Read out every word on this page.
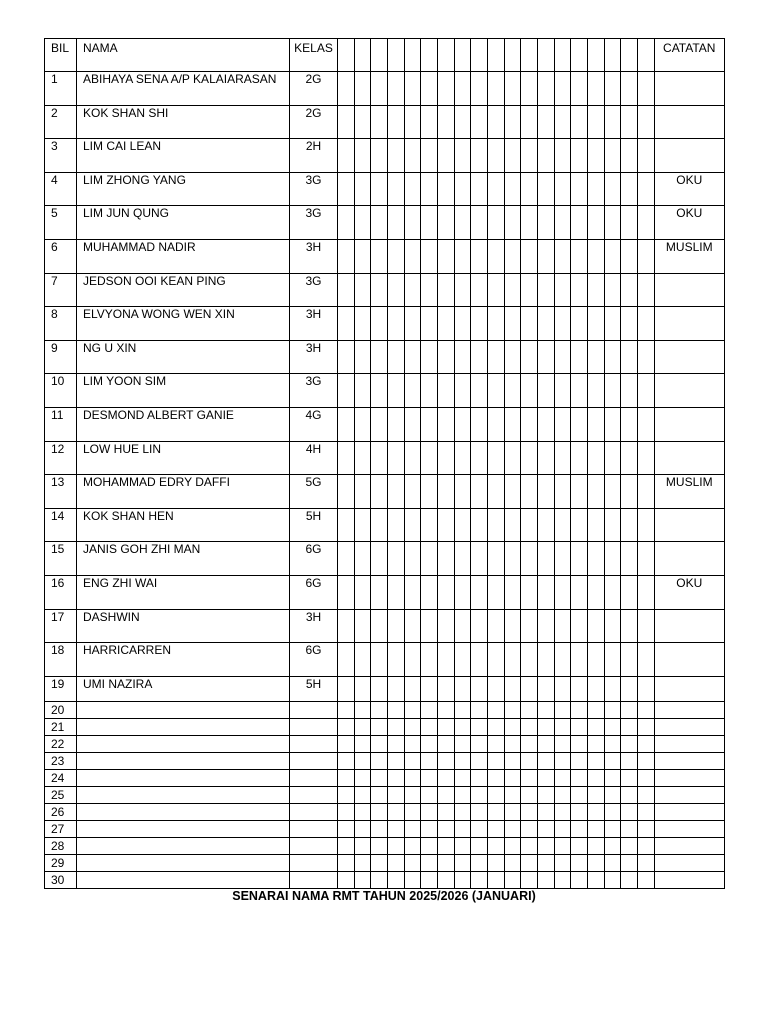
BIL	NAMA	KELAS																				CATATAN
1	ABIHAYA SENA A/P KALAIARASAN	2G																				
2	KOK SHAN SHI	2G																				
3	LIM CAI LEAN	2H																				
4	LIM ZHONG YANG	3G																				OKU
5	LIM JUN QUNG	3G																				OKU
6	MUHAMMAD NADIR	3H																				MUSLIM
7	JEDSON OOI KEAN PING	3G																				
8	ELVYONA WONG WEN XIN	3H																				
9	NG U XIN	3H																				
10	LIM YOON SIM	3G																				
11	DESMOND ALBERT GANIE	4G																				
12	LOW HUE LIN	4H																				
13	MOHAMMAD EDRY DAFFI	5G																				MUSLIM
14	KOK SHAN HEN	5H																				
15	JANIS GOH ZHI MAN	6G																				
16	ENG ZHI WAI	6G																				OKU
17	DASHWIN	3H																				
18	HARRICARREN	6G																				
19	UMI NAZIRA	5H																				
20																						
21																						
22																						
23																						
24																						
25																						
26																						
27																						
28																						
29																						
30																						
SENARAI NAMA RMT TAHUN 2025/2026 (JANUARI)
